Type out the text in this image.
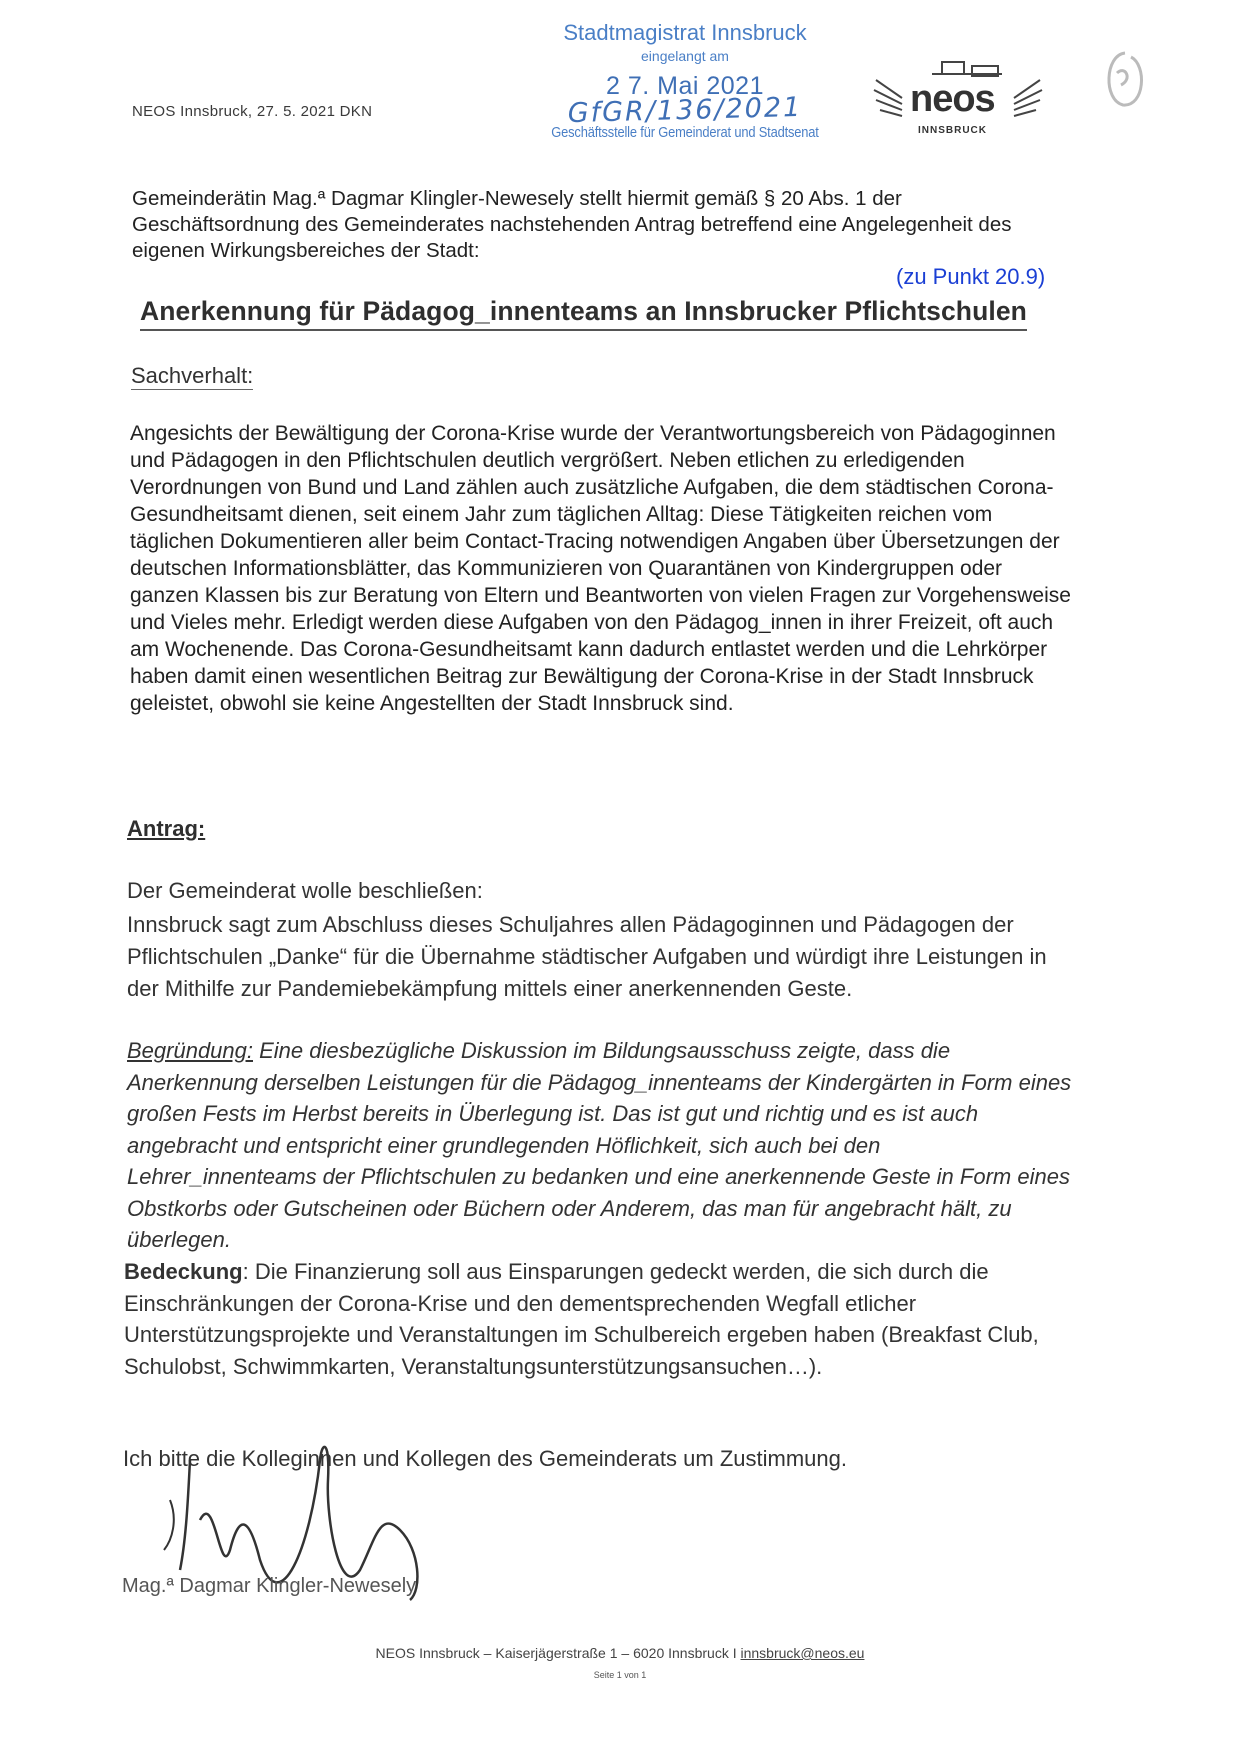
NEOS Innsbruck, 27. 5. 2021 DKN
Stadtmagistrat Innsbruck
eingelangt am
2 7. Mai 2021
GfGR/136/2021
Geschäftsstelle für Gemeinderat und Stadtsenat
neos
INNSBRUCK
Gemeinderätin Mag.ª Dagmar Klingler-Newesely stellt hiermit gemäß § 20 Abs. 1 der Geschäftsordnung des Gemeinderates nachstehenden Antrag betreffend eine Angelegenheit des eigenen Wirkungsbereiches der Stadt:
(zu Punkt 20.9)
Anerkennung für Pädagog_innenteams an Innsbrucker Pflichtschulen
Sachverhalt:
Angesichts der Bewältigung der Corona-Krise wurde der Verantwortungsbereich von Pädagoginnen und Pädagogen in den Pflichtschulen deutlich vergrößert. Neben etlichen zu erledigenden Verordnungen von Bund und Land zählen auch zusätzliche Aufgaben, die dem städtischen Corona-Gesundheitsamt dienen, seit einem Jahr zum täglichen Alltag: Diese Tätigkeiten reichen vom täglichen Dokumentieren aller beim Contact-Tracing notwendigen Angaben über Übersetzungen der deutschen Informationsblätter, das Kommunizieren von Quarantänen von Kindergruppen oder ganzen Klassen bis zur Beratung von Eltern und Beantworten von vielen Fragen zur Vorgehensweise und Vieles mehr. Erledigt werden diese Aufgaben von den Pädagog_innen in ihrer Freizeit, oft auch am Wochenende. Das Corona-Gesundheitsamt kann dadurch entlastet werden und die Lehrkörper haben damit einen wesentlichen Beitrag zur Bewältigung der Corona-Krise in der Stadt Innsbruck geleistet, obwohl sie keine Angestellten der Stadt Innsbruck sind.
Antrag:
Der Gemeinderat wolle beschließen:
Innsbruck sagt zum Abschluss dieses Schuljahres allen Pädagoginnen und Pädagogen der Pflichtschulen „Danke“ für die Übernahme städtischer Aufgaben und würdigt ihre Leistungen in der Mithilfe zur Pandemiebekämpfung mittels einer anerkennenden Geste.
Begründung: Eine diesbezügliche Diskussion im Bildungsausschuss zeigte, dass die Anerkennung derselben Leistungen für die Pädagog_innenteams der Kindergärten in Form eines großen Fests im Herbst bereits in Überlegung ist. Das ist gut und richtig und es ist auch angebracht und entspricht einer grundlegenden Höflichkeit, sich auch bei den Lehrer_innenteams der Pflichtschulen zu bedanken und eine anerkennende Geste in Form eines Obstkorbs oder Gutscheinen oder Büchern oder Anderem, das man für angebracht hält, zu überlegen.
Bedeckung: Die Finanzierung soll aus Einsparungen gedeckt werden, die sich durch die Einschränkungen der Corona-Krise und den dementsprechenden Wegfall etlicher Unterstützungsprojekte und Veranstaltungen im Schulbereich ergeben haben (Breakfast Club, Schulobst, Schwimmkarten, Veranstaltungsunterstützungsansuchen…).
Ich bitte die Kolleginnen und Kollegen des Gemeinderats um Zustimmung.
Mag.ª Dagmar Klingler-Newesely
NEOS Innsbruck – Kaiserjägerstraße 1 – 6020 Innsbruck I innsbruck@neos.eu
Seite 1 von 1
